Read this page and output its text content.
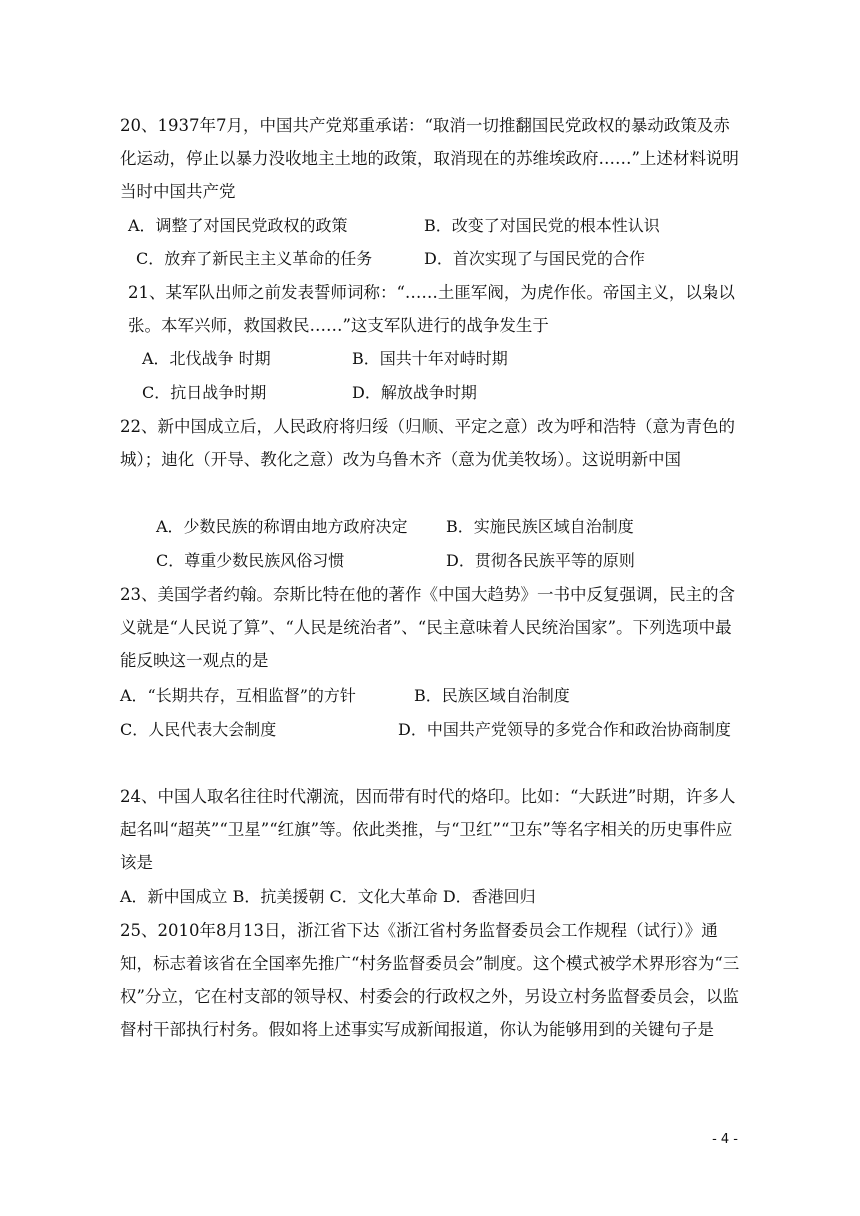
20、1937年7月，中国共产党郑重承诺：“取消一切推翻国民党政权的暴动政策及赤化运动，停止以暴力没收地主土地的政策，取消现在的苏维埃政府……”上述材料说明当时中国共产党
A．调整了对国民党政权的政策	B．改变了对国民党的根本性认识
C．放弃了新民主主义革命的任务	D．首次实现了与国民党的合作
21、某军队出师之前发表誓师词称：“……土匪军阀，为虎作伥。帝国主义，以枭以张。本军兴师，救国救民……”这支军队进行的战争发生于
A．北伐战争 时期	B．国共十年对峙时期
C．抗日战争时期	D．解放战争时期
22、新中国成立后，人民政府将归绥（归顺、平定之意）改为呼和浩特（意为青色的城）；迪化（开导、教化之意）改为乌鲁木齐（意为优美牧场）。这说明新中国
A．少数民族的称谓由地方政府决定 B．实施民族区域自治制度
C．尊重少数民族风俗习惯	D．贯彻各民族平等的原则
23、美国学者约翰。奈斯比特在他的著作《中国大趋势》一书中反复强调，民主的含义就是“人民说了算”、“人民是统治者”、“民主意味着人民统治国家”。下列选项中最能反映这一观点的是
A．“长期共存，互相监督”的方针	B．民族区域自治制度
C．人民代表大会制度	D．中国共产党领导的多党合作和政治协商制度
24、中国人取名往往时代潮流，因而带有时代的烙印。比如：“大跃进”时期，许多人起名叫“超英”“卫星”“红旗”等。依此类推，与“卫红”“卫东”等名字相关的历史事件应该是
A．新中国成立 B．抗美援朝 C．文化大革命 D．香港回归
25、2010年8月13日，浙江省下达《浙江省村务监督委员会工作规程（试行）》通知，标志着该省在全国率先推广“村务监督委员会”制度。这个模式被学术界形容为“三权”分立，它在村支部的领导权、村委会的行政权之外，另设立村务监督委员会，以监督村干部执行村务。假如将上述事实写成新闻报道，你认为能够用到的关键句子是
- 4 -
